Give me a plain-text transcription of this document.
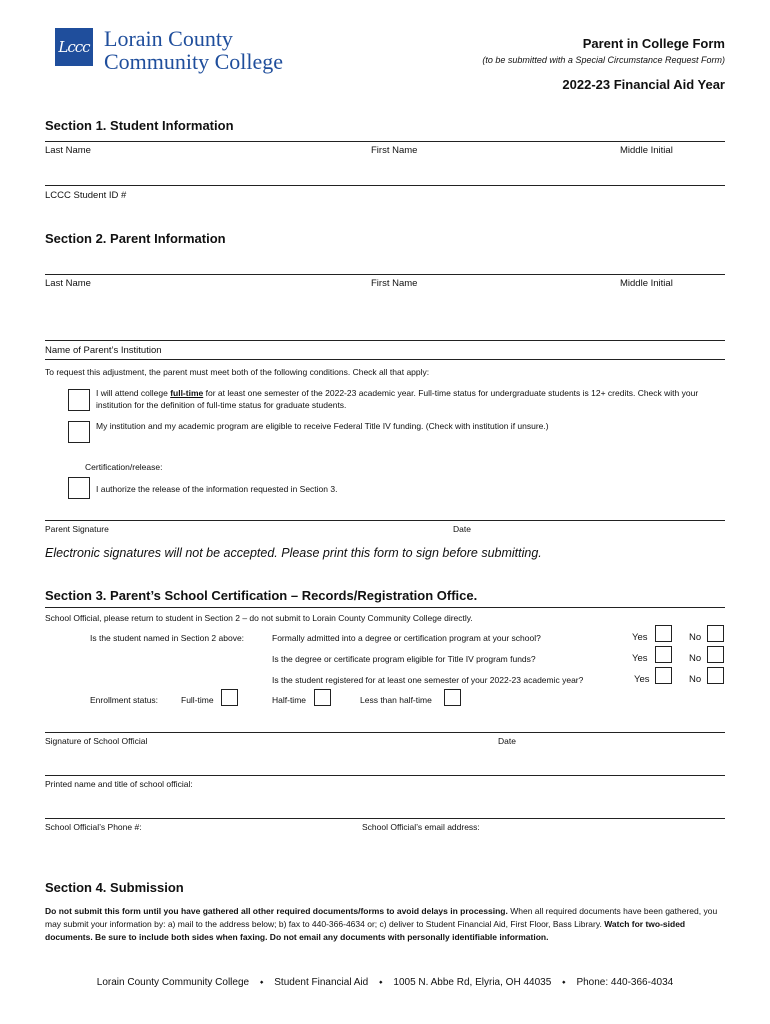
Lccc Lorain County
Community College
Parent in College Form
(to be submitted with a Special Circumstance Request Form)
2022-23 Financial Aid Year
Section 1. Student Information
Last Name	First Name	Middle Initial
LCCC Student ID #
Section 2. Parent Information
Last Name	First Name	Middle Initial
Name of Parent’s Institution
To request this adjustment, the parent must meet both of the following conditions. Check all that apply:
I will attend college full-time for at least one semester of the 2022-23 academic year. Full-time status for undergraduate students is 12+ credits. Check with your institution for the definition of full-time status for graduate students.
My institution and my academic program are eligible to receive Federal Title IV funding. (Check with institution if unsure.)
Certification/release:
I authorize the release of the information requested in Section 3.
Parent Signature	Date
Electronic signatures will not be accepted. Please print this form to sign before submitting.
Section 3. Parent’s School Certification – Records/Registration Office.
School Official, please return to student in Section 2 – do not submit to Lorain County Community College directly.
Is the student named in Section 2 above:	Formally admitted into a degree or certification program at your school?	Yes	No
Is the degree or certificate program eligible for Title IV program funds?	Yes	No
Is the student registered for at least one semester of your 2022-23 academic year?	Yes	No
Enrollment status:	Full-time	Half-time	Less than half-time
Signature of School Official	Date
Printed name and title of school official:
School Official’s Phone #:	School Official’s email address:
Section 4. Submission
Do not submit this form until you have gathered all other required documents/forms to avoid delays in processing. When all required documents have been gathered, you may submit your information by: a) mail to the address below; b) fax to 440-366-4634 or; c) deliver to Student Financial Aid, First Floor, Bass Library. Watch for two-sided documents. Be sure to include both sides when faxing. Do not email any documents with personally identifiable information.
Lorain County Community College ⬩ Student Financial Aid ⬩ 1005 N. Abbe Rd, Elyria, OH 44035 ⬩ Phone: 440-366-4034
